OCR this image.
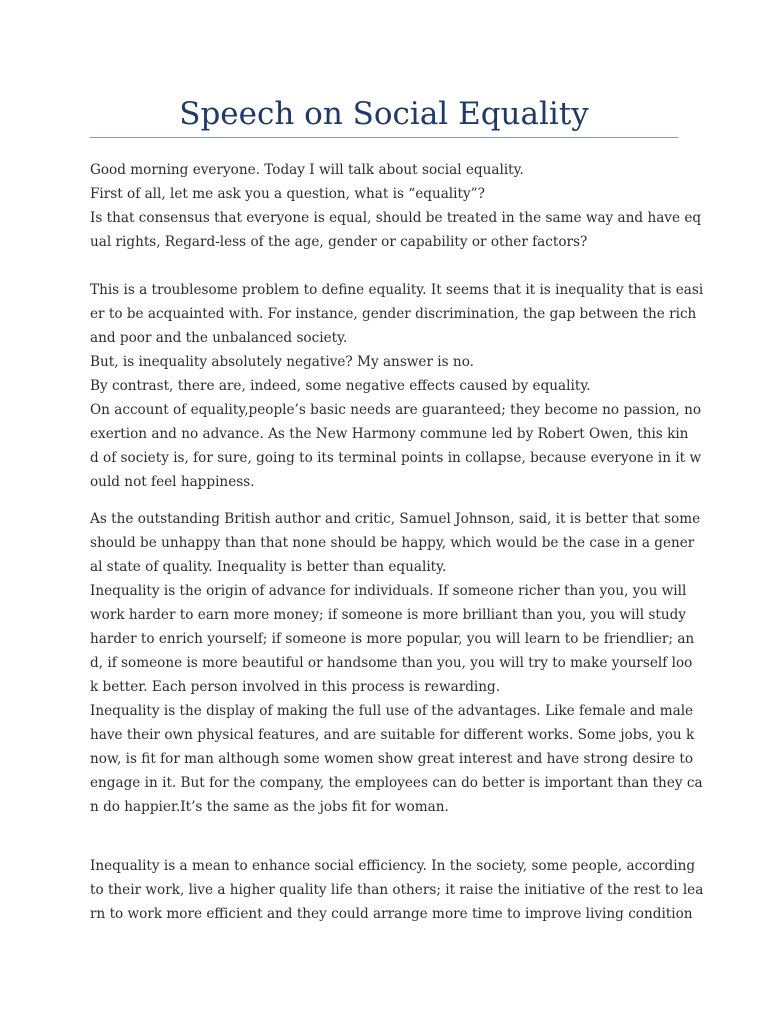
Speech on Social Equality
Good morning everyone. Today I will talk about social equality.
First of all, let me ask you a question, what is “equality”?
Is that consensus that everyone is equal, should be treated in the same way and have eq
ual rights, Regard-less of the age, gender or capability or other factors?
This is a troublesome problem to define equality. It seems that it is inequality that is easi
er to be acquainted with. For instance, gender discrimination, the gap between the rich
and poor and the unbalanced society.
But, is inequality absolutely negative? My answer is no.
By contrast, there are, indeed, some negative effects caused by equality.
On account of equality,people’s basic needs are guaranteed; they become no passion, no
exertion and no advance. As the New Harmony commune led by Robert Owen, this kin
d of society is, for sure, going to its terminal points in collapse, because everyone in it w
ould not feel happiness.
As the outstanding British author and critic, Samuel Johnson, said, it is better that some
should be unhappy than that none should be happy, which would be the case in a gener
al state of quality. Inequality is better than equality.
Inequality is the origin of advance for individuals. If someone richer than you, you will
work harder to earn more money; if someone is more brilliant than you, you will study
harder to enrich yourself; if someone is more popular, you will learn to be friendlier; an
d, if someone is more beautiful or handsome than you, you will try to make yourself loo
k better. Each person involved in this process is rewarding.
Inequality is the display of making the full use of the advantages. Like female and male
have their own physical features, and are suitable for different works. Some jobs, you k
now, is fit for man although some women show great interest and have strong desire to
engage in it. But for the company, the employees can do better is important than they ca
n do happier.It’s the same as the jobs fit for woman.
Inequality is a mean to enhance social efficiency. In the society, some people, according
to their work, live a higher quality life than others; it raise the initiative of the rest to lea
rn to work more efficient and they could arrange more time to improve living condition
